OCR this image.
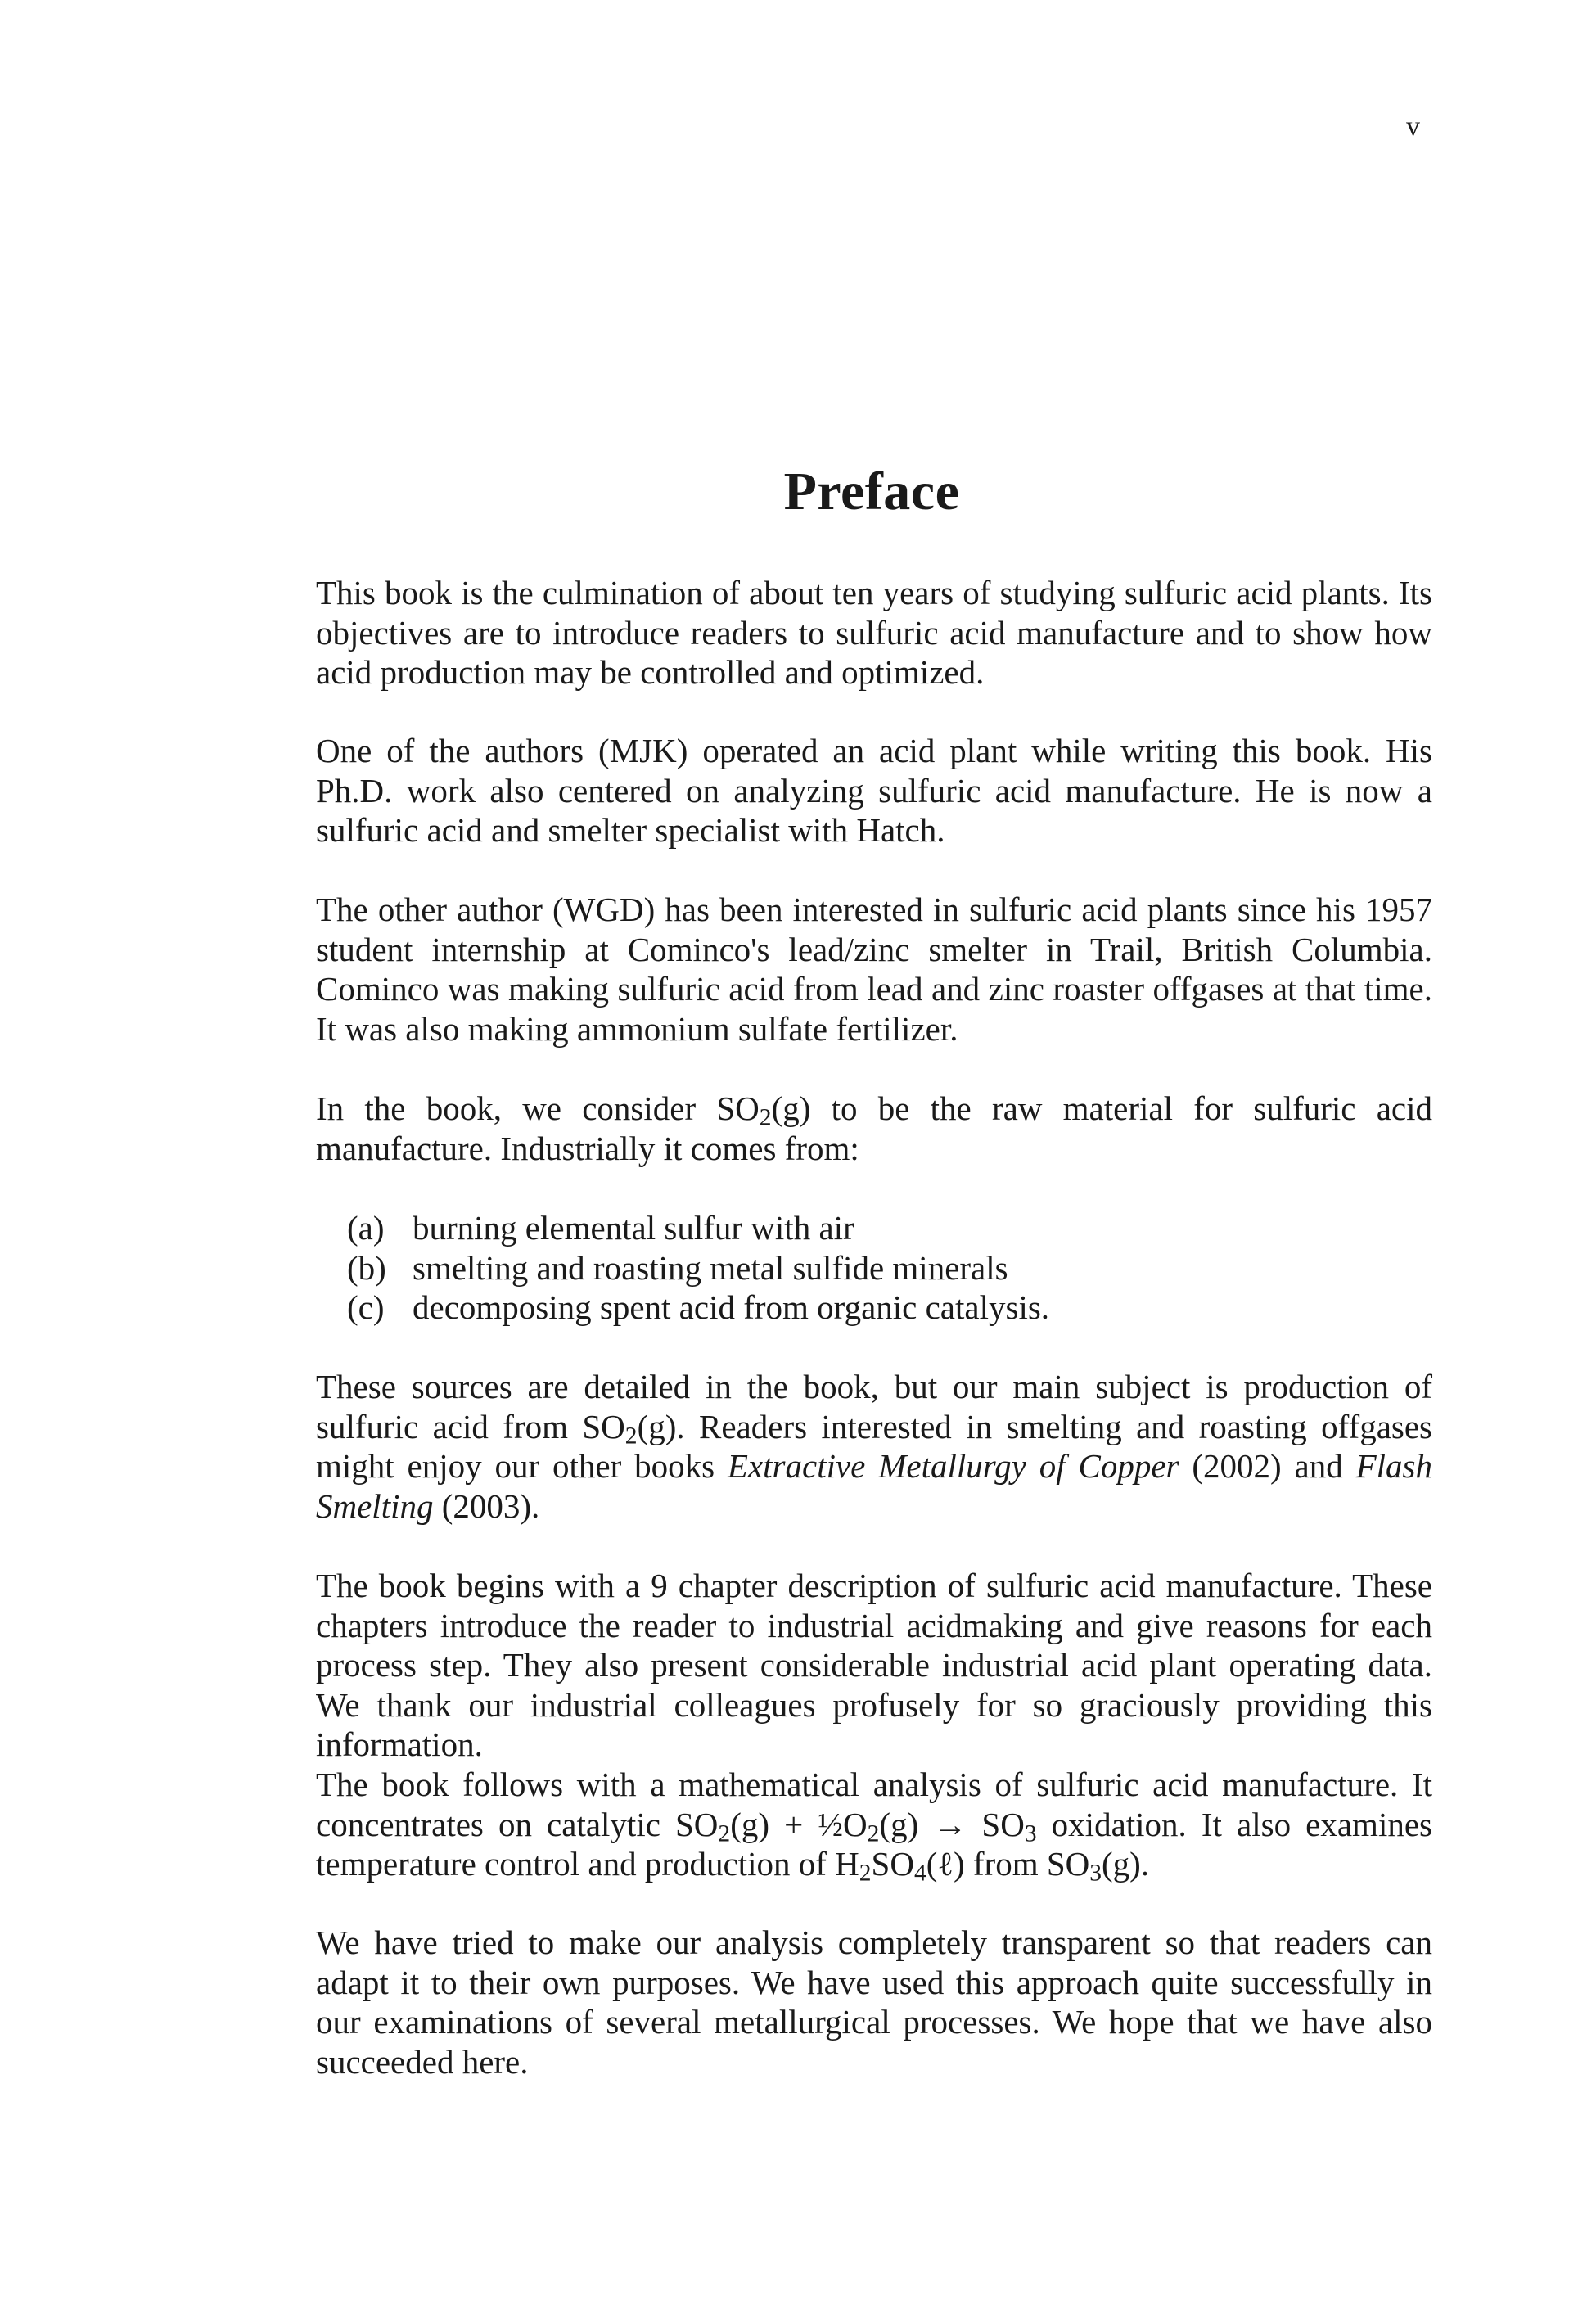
v
Preface

This book is the culmination of about ten years of studying sulfuric acid plants. Its objectives are to introduce readers to sulfuric acid manufacture and to show how acid production may be controlled and optimized.

One of the authors (MJK) operated an acid plant while writing this book. His Ph.D. work also centered on analyzing sulfuric acid manufacture. He is now a sulfuric acid and smelter specialist with Hatch.

The other author (WGD) has been interested in sulfuric acid plants since his 1957 student internship at Cominco's lead/zinc smelter in Trail, British Columbia. Cominco was making sulfuric acid from lead and zinc roaster offgases at that time. It was also making ammonium sulfate fertilizer.

In the book, we consider $SO_2(g)$ to be the raw material for sulfuric acid manufacture. Industrially it comes from:

(a) burning elemental sulfur with air
(b) smelting and roasting metal sulfide minerals
(c) decomposing spent acid from organic catalysis.

These sources are detailed in the book, but our main subject is production of sulfuric acid from $SO_2(g)$. Readers interested in smelting and roasting offgases might enjoy our other books Extractive Metallurgy of Copper (2002) and Flash Smelting (2003).

The book begins with a 9 chapter description of sulfuric acid manufacture. These chapters introduce the reader to industrial acidmaking and give reasons for each process step. They also present considerable industrial acid plant operating data. We thank our industrial colleagues profusely for so graciously providing this information.

The book follows with a mathematical analysis of sulfuric acid manufacture. It concentrates on catalytic $SO_2(g)$ + $\frac{1}{2}O_2(g) \to SO_3$ oxidation. It also examines temperature control and production of $H_2SO_4(\ell)$ from $SO_3(g)$.

We have tried to make our analysis completely transparent so that readers can adapt it to their own purposes. We have used this approach quite successfully in our examinations of several metallurgical processes. We hope that we have also succeeded here.
